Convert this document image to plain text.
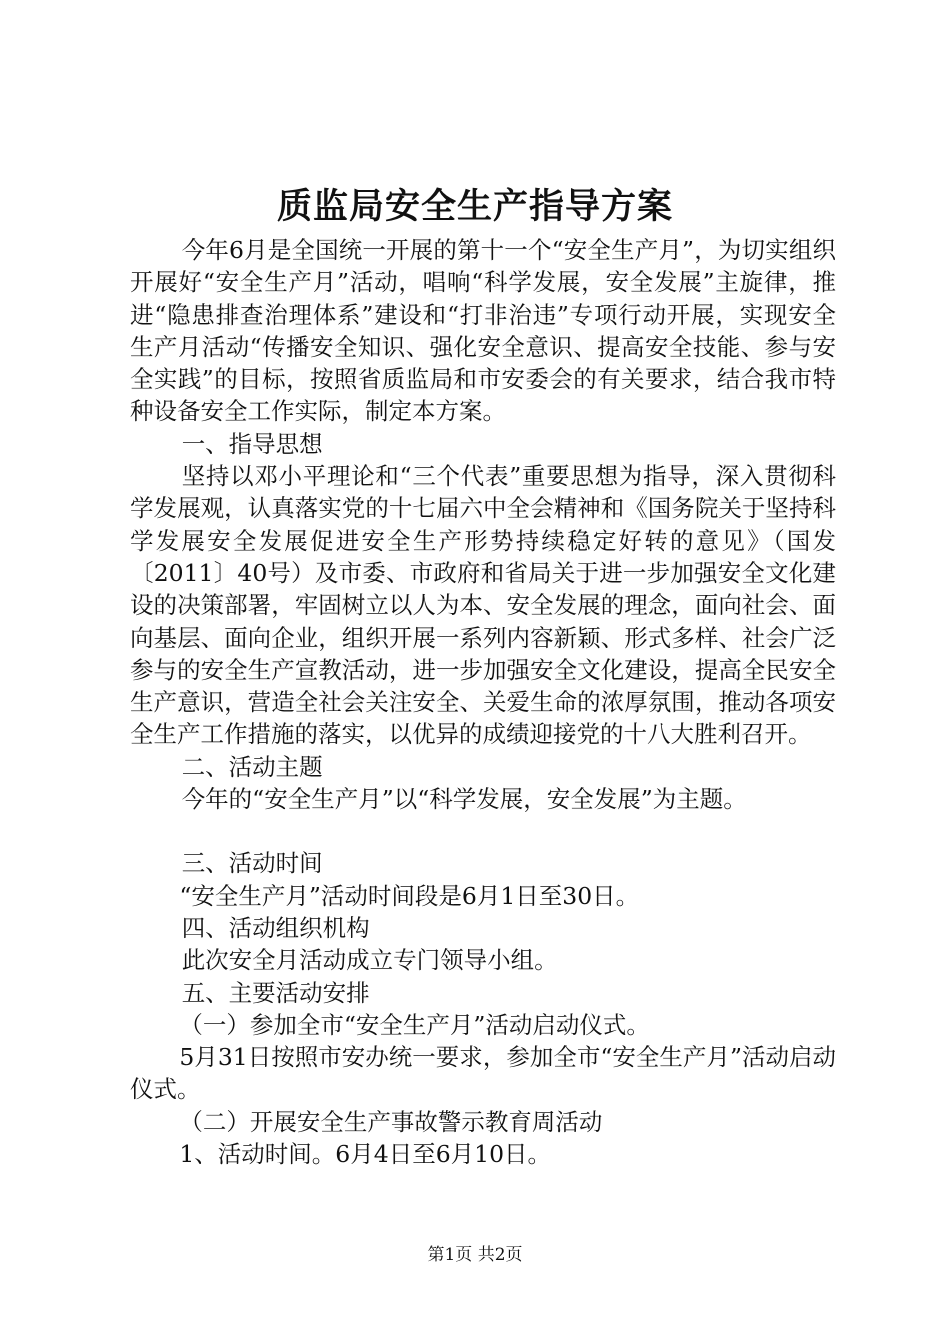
质监局安全生产指导方案

今年6月是全国统一开展的第十一个“安全生产月”，为切实组织开展好“安全生产月”活动，唱响“科学发展，安全发展”主旋律，推进“隐患排查治理体系”建设和“打非治违”专项行动开展，实现安全生产月活动“传播安全知识、强化安全意识、提高安全技能、参与安全实践”的目标，按照省质监局和市安委会的有关要求，结合我市特种设备安全工作实际，制定本方案。

一、指导思想

坚持以邓小平理论和“三个代表”重要思想为指导，深入贯彻科学发展观，认真落实党的十七届六中全会精神和《国务院关于坚持科学发展安全发展促进安全生产形势持续稳定好转的意见》（国发〔2011〕40号）及市委、市政府和省局关于进一步加强安全文化建设的决策部署，牢固树立以人为本、安全发展的理念，面向社会、面向基层、面向企业，组织开展一系列内容新颖、形式多样、社会广泛参与的安全生产宣教活动，进一步加强安全文化建设，提高全民安全生产意识，营造全社会关注安全、关爱生命的浓厚氛围，推动各项安全生产工作措施的落实，以优异的成绩迎接党的十八大胜利召开。

二、活动主题

今年的“安全生产月”以“科学发展，安全发展”为主题。

三、活动时间

“安全生产月”活动时间段是6月1日至30日。

四、活动组织机构

此次安全月活动成立专门领导小组。

五、主要活动安排

（一）参加全市“安全生产月”活动启动仪式。

5月31日按照市安办统一要求，参加全市“安全生产月”活动启动仪式。

（二）开展安全生产事故警示教育周活动

1、活动时间。6月4日至6月10日。

第1页 共2页
